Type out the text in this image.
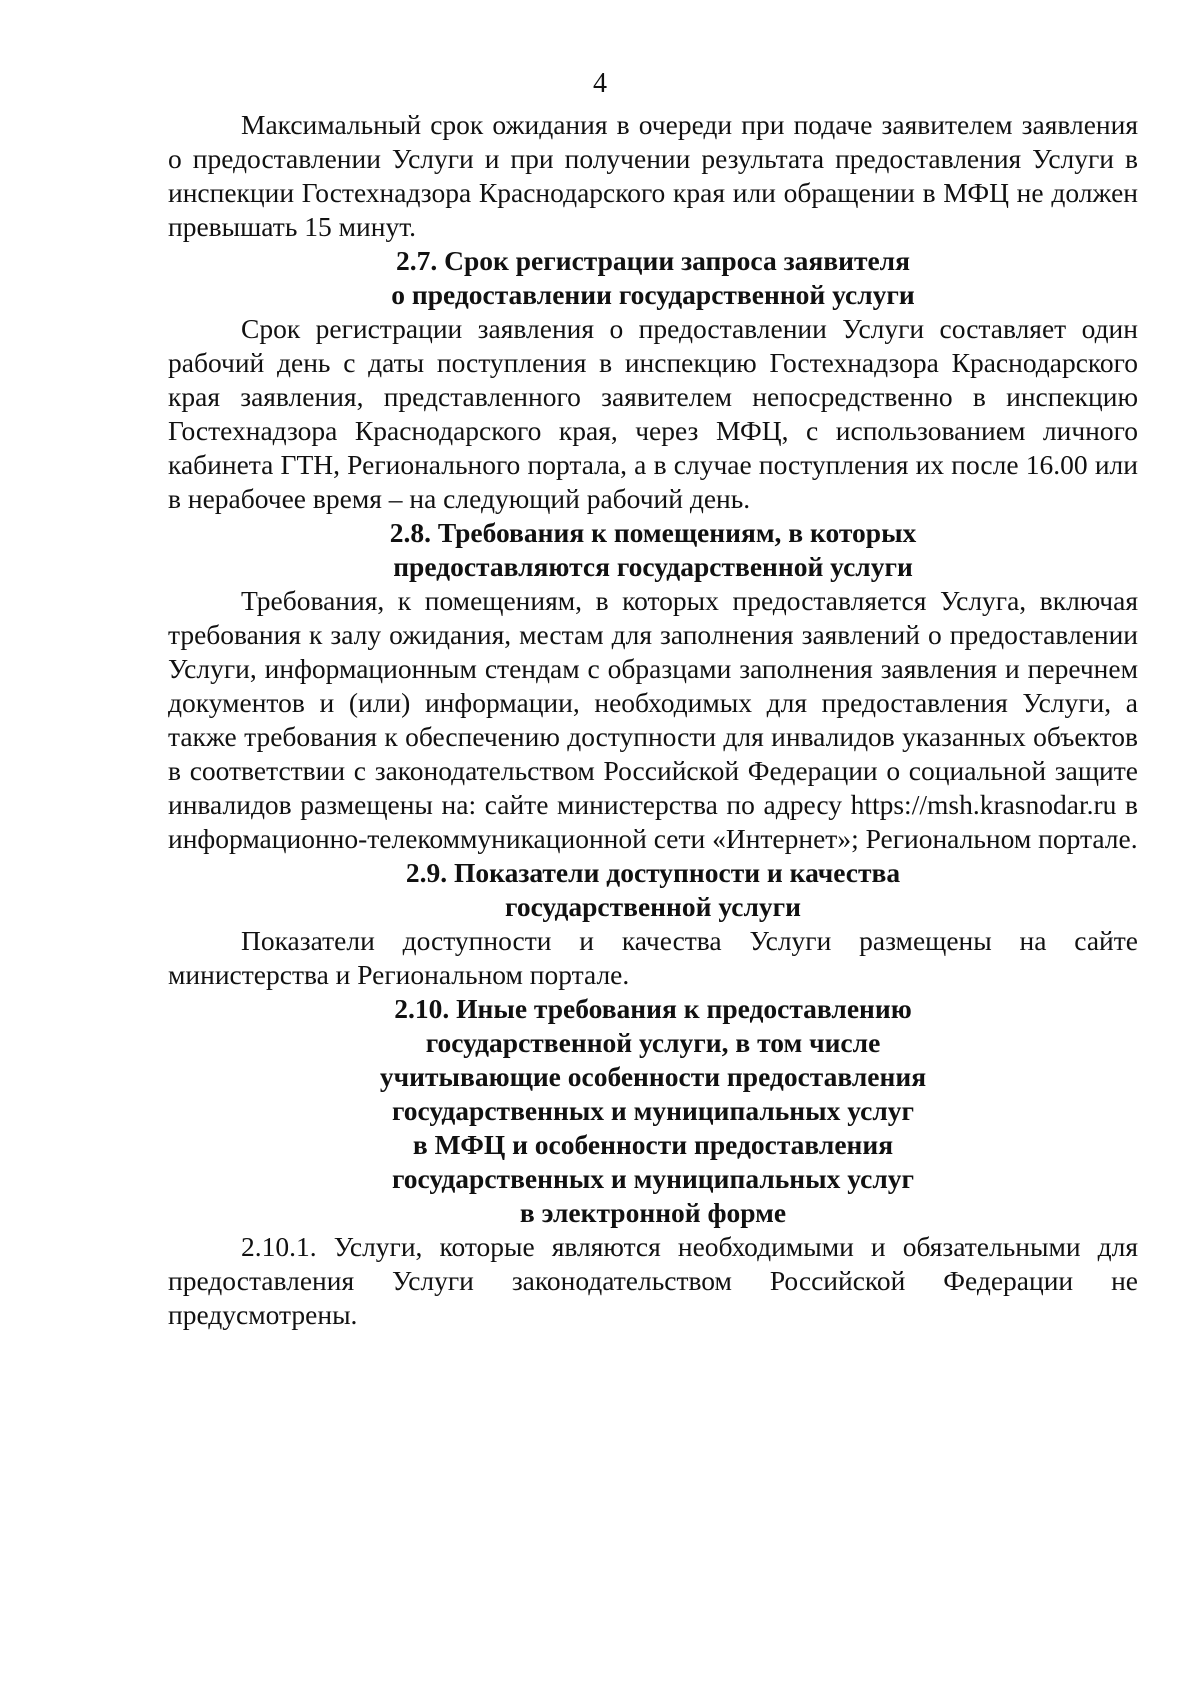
4

Максимальный срок ожидания в очереди при подаче заявителем заявления о предоставлении Услуги и при получении результата предоставления Услуги в инспекции Гостехнадзора Краснодарского края или обращении в МФЦ не должен превышать 15 минут.

2.7. Срок регистрации запроса заявителя
о предоставлении государственной услуги

Срок регистрации заявления о предоставлении Услуги составляет один рабочий день с даты поступления в инспекцию Гостехнадзора Краснодарского края заявления, представленного заявителем непосредственно в инспекцию Гостехнадзора Краснодарского края, через МФЦ, с использованием личного кабинета ГТН, Регионального портала, а в случае поступления их после 16.00 или в нерабочее время – на следующий рабочий день.

2.8. Требования к помещениям, в которых
предоставляются государственной услуги

Требования, к помещениям, в которых предоставляется Услуга, включая требования к залу ожидания, местам для заполнения заявлений о предоставлении Услуги, информационным стендам с образцами заполнения заявления и перечнем документов и (или) информации, необходимых для предоставления Услуги, а также требования к обеспечению доступности для инвалидов указанных объектов в соответствии с законодательством Российской Федерации о социальной защите инвалидов размещены на: сайте министерства по адресу https://msh.krasnodar.ru в информационно-телекоммуникационной сети «Интернет»; Региональном портале.

2.9. Показатели доступности и качества
государственной услуги

Показатели доступности и качества Услуги размещены на сайте министерства и Региональном портале.

2.10. Иные требования к предоставлению
государственной услуги, в том числе
учитывающие особенности предоставления
государственных и муниципальных услуг
в МФЦ и особенности предоставления
государственных и муниципальных услуг
в электронной форме

2.10.1. Услуги, которые являются необходимыми и обязательными для предоставления Услуги законодательством Российской Федерации не предусмотрены.
